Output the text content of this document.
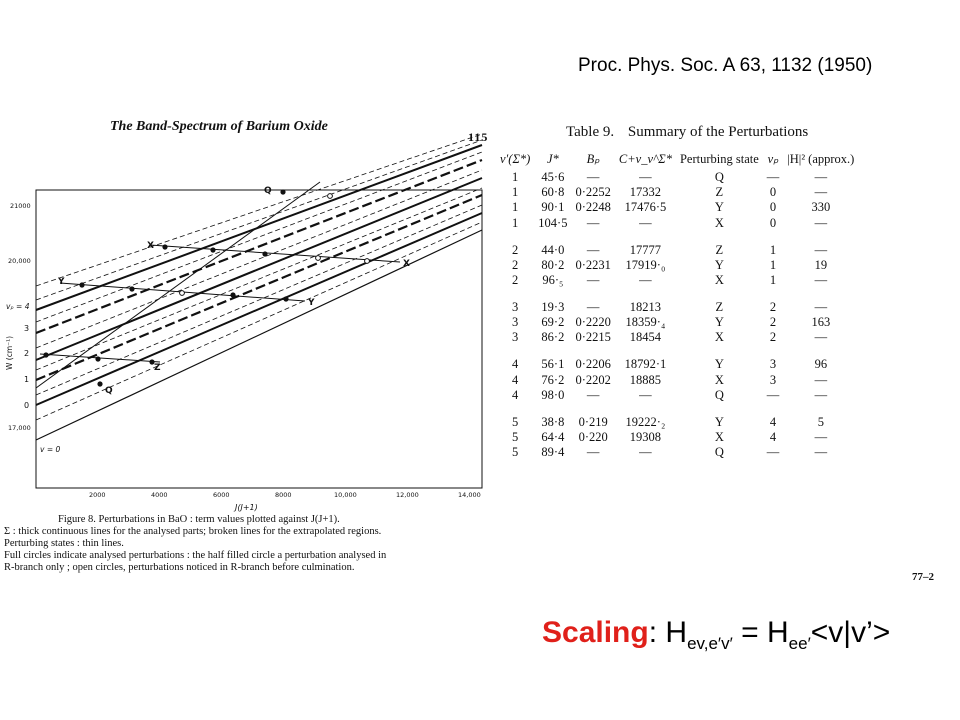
Proc. Phys. Soc. A 63, 1132 (1950)
The Band-Spectrum of Barium Oxide
115
Q
X
Y
Z
Q
X
Y
21000
20,000
17,000
vₚ = 4
v = 0
W (cm⁻¹)
3
2
1
0
2000	4000	6000	8000	10,000	12,000	14,000
J(J+1)
Figure 8. Perturbations in BaO : term values plotted against J(J+1).
Σ : thick continuous lines for the analysed parts; broken lines for the extrapolated regions.
Perturbing states : thin lines.
Full circles indicate analysed perturbations : the half filled circle a perturbation analysed in
R-branch only ; open circles, perturbations noticed in R-branch before culmination.
Table 9. Summary of the Perturbations
v′(Σ*)	J*	Bₚ	C+v_v^Σ*	Perturbing state	vₚ	|H|² (approx.)
1	45·6	—	—	Q	—	—
1	60·8	0·2252	17332	Z	0	—
1	90·1	0·2248	17476·5	Y	0	330
1	104·5	—	—	X	0	—
2	44·0	—	17777	Z	1	—
2	80·2	0·2231	17919·₀	Y	1	19
2	96·₅	—	—	X	1	—
3	19·3	—	18213	Z	2	—
3	69·2	0·2220	18359·₄	Y	2	163
3	86·2	0·2215	18454	X	2	—
4	56·1	0·2206	18792·1	Y	3	96
4	76·2	0·2202	18885	X	3	—
4	98·0	—	—	Q	—	—
5	38·8	0·219	19222·₂	Y	4	5
5	64·4	0·220	19308	X	4	—
5	89·4	—	—	Q	—	—
77–2
Scaling: $H_{ev,e'v'}$ = $H_{ee'}<v|v’>$
